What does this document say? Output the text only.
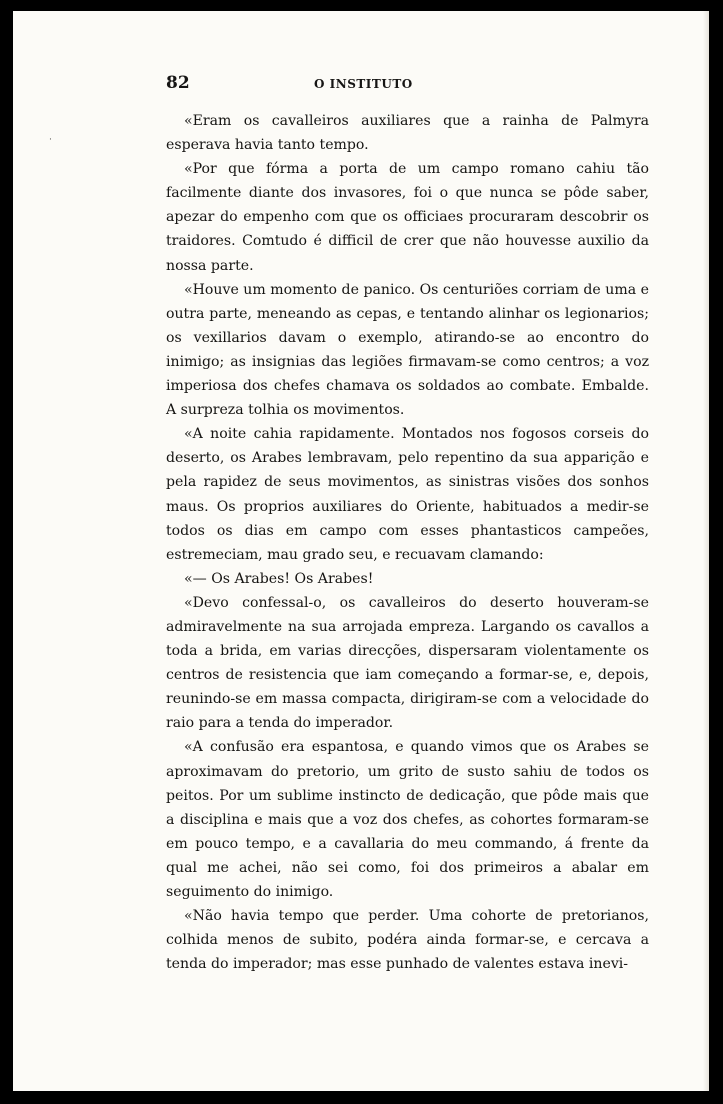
·
82	O INSTITUTO

«Eram os cavalleiros auxiliares que a rainha de Palmyra esperava havia tanto tempo.

«Por que fórma a porta de um campo romano cahiu tão facilmente diante dos invasores, foi o que nunca se pôde saber, apezar do empenho com que os officiaes procuraram descobrir os traidores. Comtudo é difficil de crer que não houvesse auxilio da nossa parte.

«Houve um momento de panico. Os centuriões corriam de uma e outra parte, meneando as cepas, e tentando alinhar os legionarios; os vexillarios davam o exemplo, atirando-se ao encontro do inimigo; as insignias das legiões firmavam-se como centros; a voz imperiosa dos chefes chamava os soldados ao combate. Embalde. A surpreza tolhia os movimentos.

«A noite cahia rapidamente. Montados nos fogosos corseis do deserto, os Arabes lembravam, pelo repentino da sua apparição e pela rapidez de seus movimentos, as sinistras visões dos sonhos maus. Os proprios auxiliares do Oriente, habituados a medir-se todos os dias em campo com esses phantasticos campeões, estremeciam, mau grado seu, e recuavam clamando:

«— Os Arabes! Os Arabes!

«Devo confessal-o, os cavalleiros do deserto houveram-se admiravelmente na sua arrojada empreza. Largando os cavallos a toda a brida, em varias direcções, dispersaram violentamente os centros de resistencia que iam começando a formar-se, e, depois, reunindo-se em massa compacta, dirigiram-se com a velocidade do raio para a tenda do imperador.

«A confusão era espantosa, e quando vimos que os Arabes se aproximavam do pretorio, um grito de susto sahiu de todos os peitos. Por um sublime instincto de dedicação, que pôde mais que a disciplina e mais que a voz dos chefes, as cohortes formaram-se em pouco tempo, e a cavallaria do meu commando, á frente da qual me achei, não sei como, foi dos primeiros a abalar em seguimento do inimigo.

«Não havia tempo que perder. Uma cohorte de pretorianos, colhida menos de subito, podéra ainda formar-se, e cercava a tenda do imperador; mas esse punhado de valentes estava inevi-
